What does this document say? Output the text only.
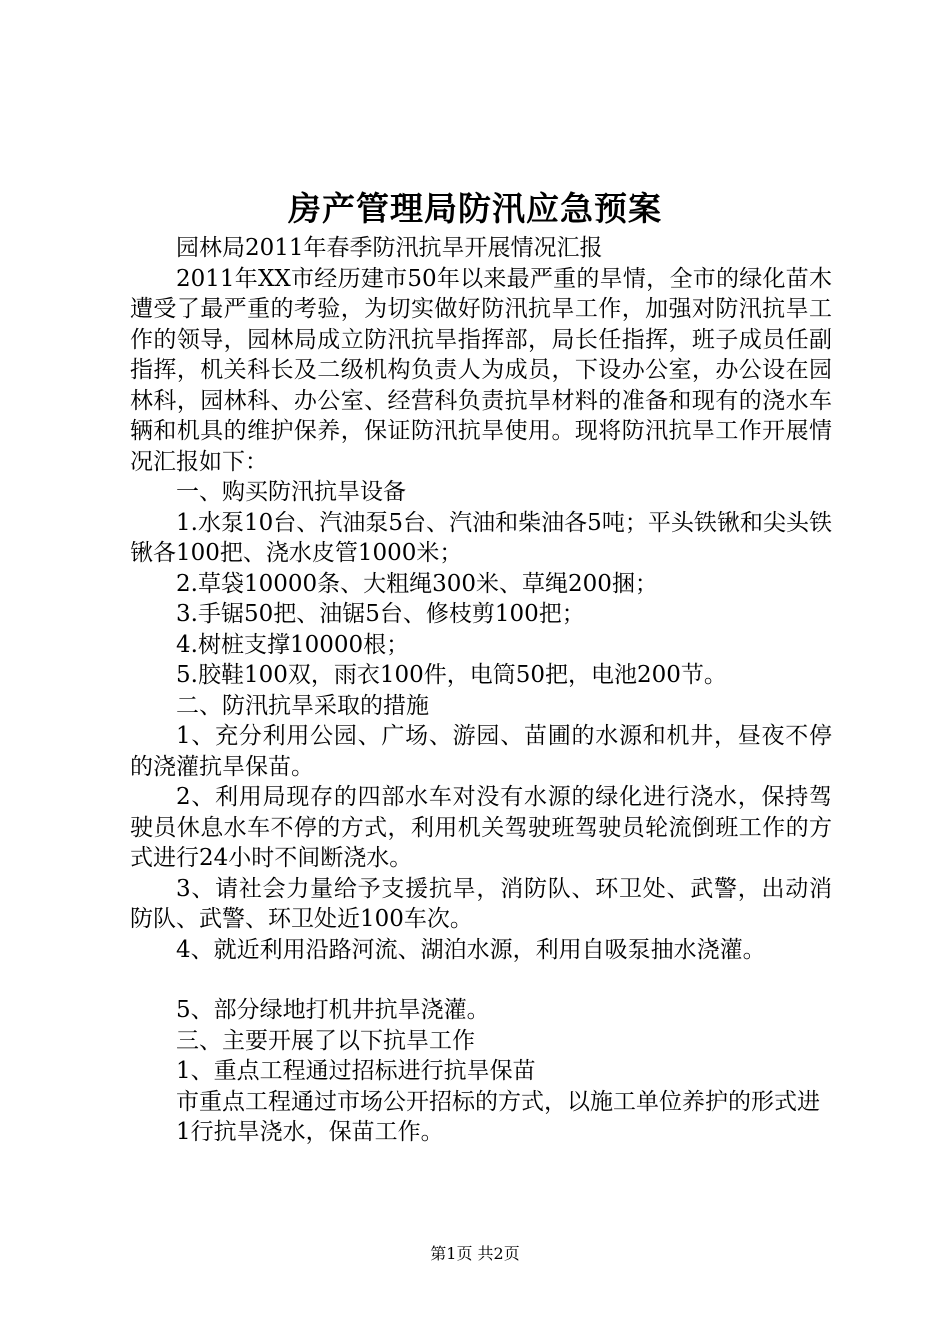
房产管理局防汛应急预案

园林局2011年春季防汛抗旱开展情况汇报

2011年XX市经历建市50年以来最严重的旱情，全市的绿化苗木遭受了最严重的考验，为切实做好防汛抗旱工作，加强对防汛抗旱工作的领导，园林局成立防汛抗旱指挥部，局长任指挥，班子成员任副指挥，机关科长及二级机构负责人为成员，下设办公室，办公设在园林科，园林科、办公室、经营科负责抗旱材料的准备和现有的浇水车辆和机具的维护保养，保证防汛抗旱使用。现将防汛抗旱工作开展情况汇报如下：

一、购买防汛抗旱设备

1.水泵10台、汽油泵5台、汽油和柴油各5吨；平头铁锹和尖头铁锹各100把、浇水皮管1000米；

2.草袋10000条、大粗绳300米、草绳200捆；

3.手锯50把、油锯5台、修枝剪100把；

4.树桩支撑10000根；

5.胶鞋100双，雨衣100件，电筒50把，电池200节。

二、防汛抗旱采取的措施

1、充分利用公园、广场、游园、苗圃的水源和机井，昼夜不停的浇灌抗旱保苗。

2、利用局现存的四部水车对没有水源的绿化进行浇水，保持驾驶员休息水车不停的方式，利用机关驾驶班驾驶员轮流倒班工作的方式进行24小时不间断浇水。

3、请社会力量给予支援抗旱，消防队、环卫处、武警，出动消防队、武警、环卫处近100车次。

4、就近利用沿路河流、湖泊水源，利用自吸泵抽水浇灌。

5、部分绿地打机井抗旱浇灌。

三、主要开展了以下抗旱工作

1、重点工程通过招标进行抗旱保苗

市重点工程通过市场公开招标的方式，以施工单位养护的形式进

1行抗旱浇水，保苗工作。

第1页 共2页
